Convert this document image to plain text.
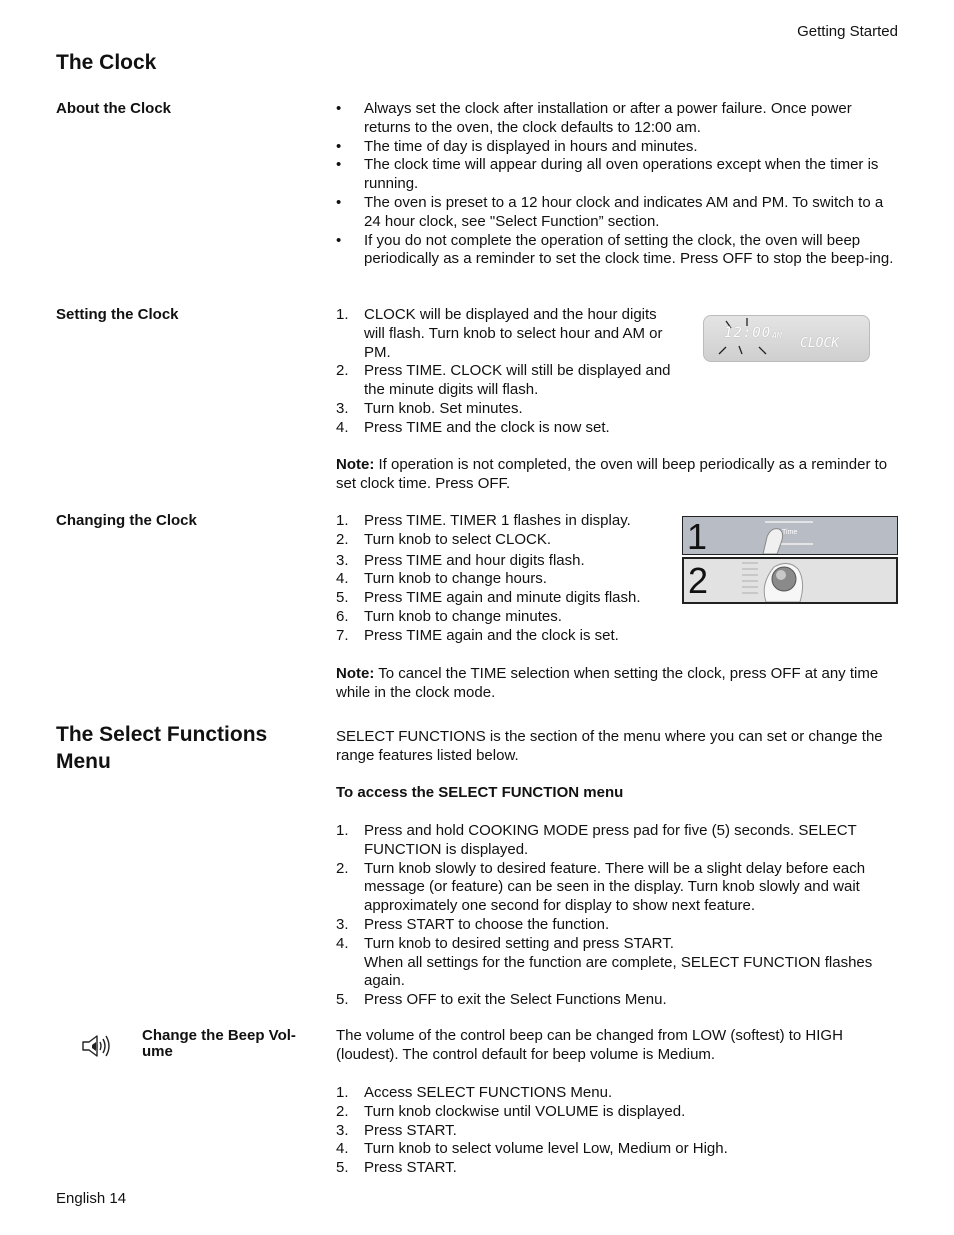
Getting Started
The Clock
About the Clock	• Always set the clock after installation or after a power failure. Once power returns to the oven, the clock defaults to 12:00 am.
• The time of day is displayed in hours and minutes.
• The clock time will appear during all oven operations except when the timer is running.
• The oven is preset to a 12 hour clock and indicates AM and PM. To switch to a 24 hour clock, see "Select Function” section.
• If you do not complete the operation of setting the clock, the oven will beep periodically as a reminder to set the clock time. Press OFF to stop the beep-ing.
Setting the Clock	1. CLOCK will be displayed and the hour digits will flash. Turn knob to select hour and AM or PM.
2. Press TIME. CLOCK will still be displayed and the minute digits will flash.
3. Turn knob. Set minutes.
4. Press TIME and the clock is now set.
12:00 AM
CLOCK

Note: If operation is not completed, the oven will beep periodically as a reminder to set clock time. Press OFF.

Changing the Clock	1. Press TIME. TIMER 1 flashes in display.
2. Turn knob to select CLOCK.
3. Press TIME and hour digits flash.
4. Turn knob to change hours.
5. Press TIME again and minute digits flash.
6. Turn knob to change minutes.
7. Press TIME again and the clock is set.
1	Time
2

Note: To cancel the TIME selection when setting the clock, press OFF at any time while in the clock mode.

The Select Functions
Menu

SELECT FUNCTIONS is the section of the menu where you can set or change the range features listed below.

To access the SELECT FUNCTION menu
1. Press and hold COOKING MODE press pad for five (5) seconds. SELECT FUNCTION is displayed.
2. Turn knob slowly to desired feature. There will be a slight delay before each message (or feature) can be seen in the display. Turn knob slowly and wait approximately one second for display to show next feature.
3. Press START to choose the function.
4. Turn knob to desired setting and press START.
When all settings for the function are complete, SELECT FUNCTION flashes again.
5. Press OFF to exit the Select Functions Menu.
Change the Beep Vol-
ume

The volume of the control beep can be changed from LOW (softest) to HIGH (loudest). The control default for beep volume is Medium.

1. Access SELECT FUNCTIONS Menu.
2. Turn knob clockwise until VOLUME is displayed.
3. Press START.
4. Turn knob to select volume level Low, Medium or High.
5. Press START.
English 14
